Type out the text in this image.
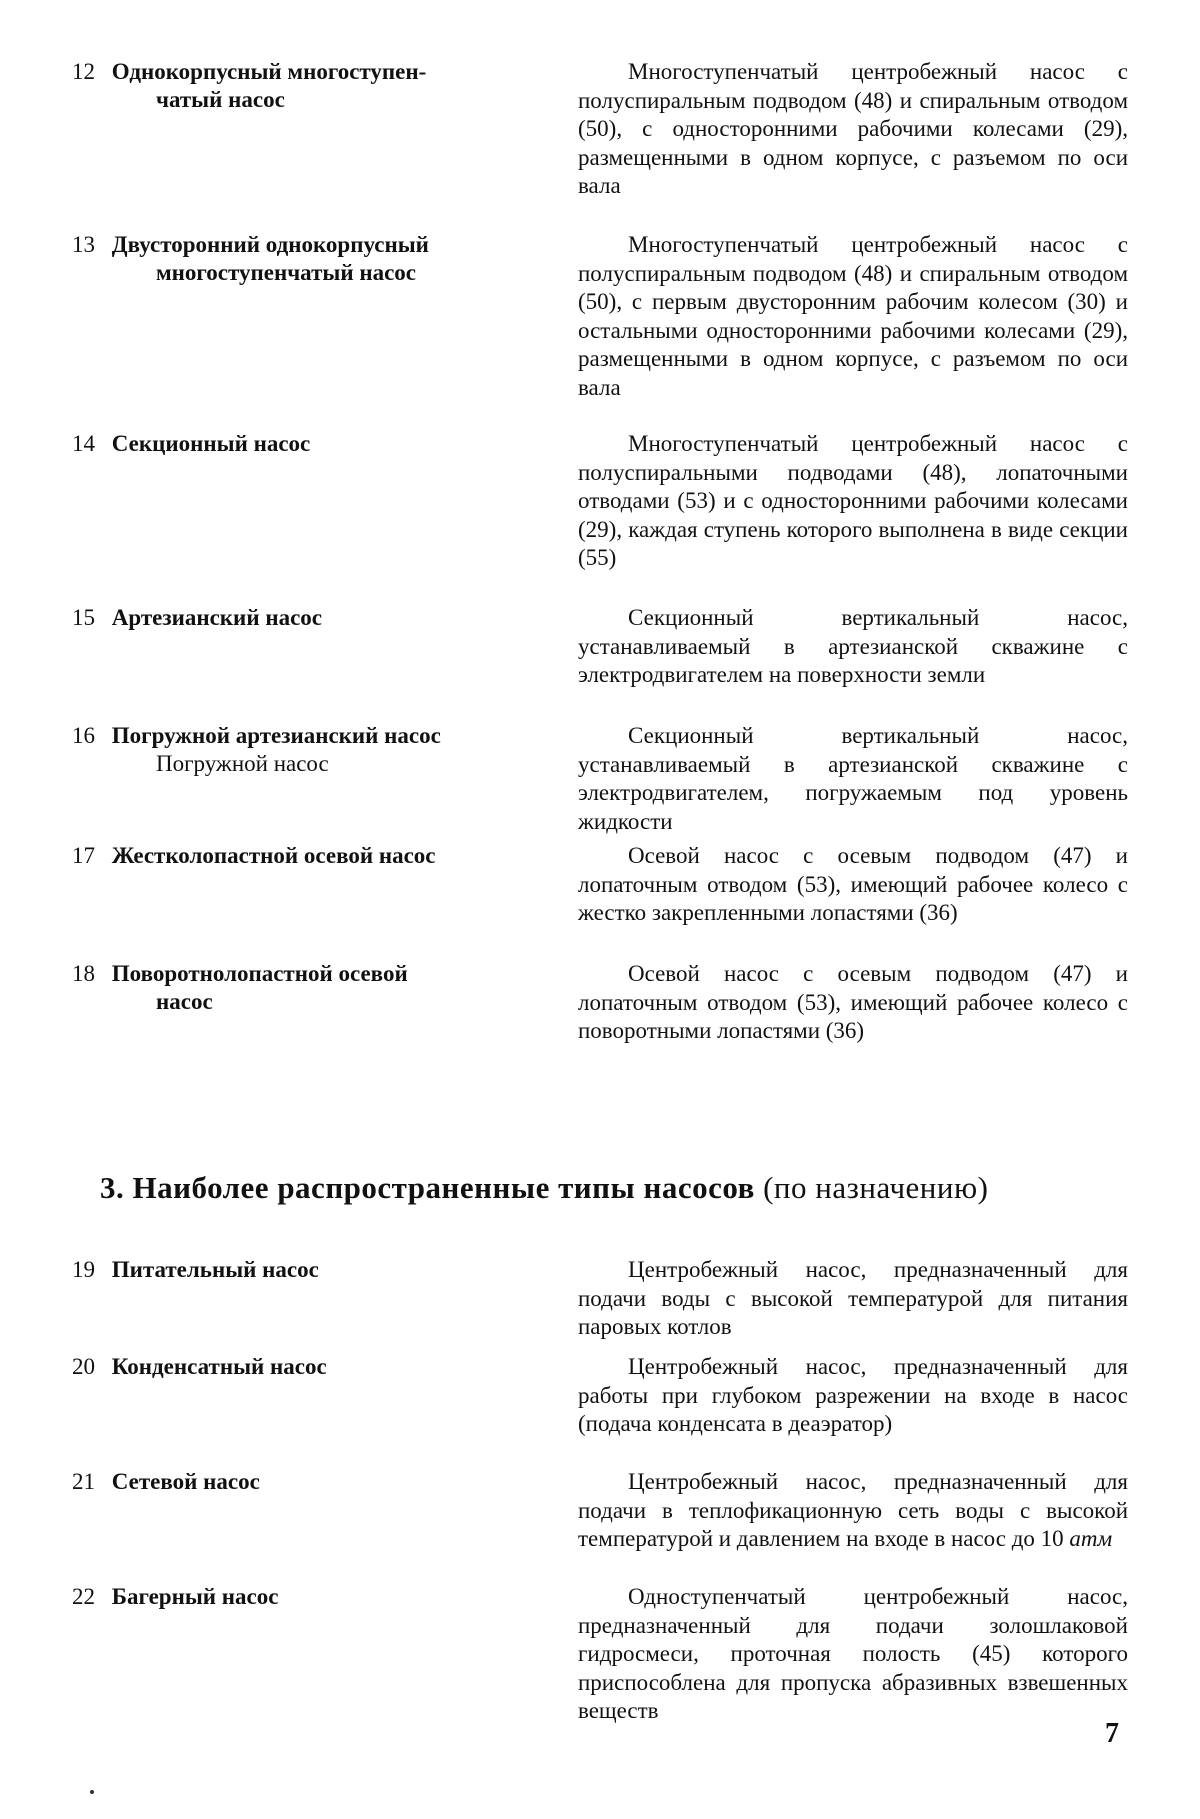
12 Однокорпусный многоступен-
чатый насос
Многоступенчатый центробежный насос с полуспиральным подводом (48) и спиральным отводом (50), с односторонними рабочими колесами (29), размещенными в одном корпусе, с разъемом по оси вала
13 Двусторонний однокорпусный
многоступенчатый насос
Многоступенчатый центробежный насос с полуспиральным подводом (48) и спиральным отводом (50), с первым двусторонним рабочим колесом (30) и остальными односторонними рабочими колесами (29), размещенными в одном корпусе, с разъемом по оси вала
14 Секционный насос	Многоступенчатый центробежный насос с полуспиральными подводами (48), лопаточными отводами (53) и с односторонними рабочими колесами (29), каждая ступень которого выполнена в виде секции (55)
15 Артезианский насос	Секционный вертикальный насос, устанавливаемый в артезианской скважине с электродвигателем на поверхности земли
16 Погружной артезианский насос
Погружной насос
Секционный вертикальный насос, устанавливаемый в артезианской скважине с электродвигателем, погружаемым под уровень жидкости
17 Жестколопастной осевой насос	Осевой насос с осевым подводом (47) и лопаточным отводом (53), имеющий рабочее колесо с жестко закрепленными лопастями (36)
18 Поворотнолопастной осевой
насос
Осевой насос с осевым подводом (47) и лопаточным отводом (53), имеющий рабочее колесо с поворотными лопастями (36)
3. Наиболее распространенные типы насосов (по назначению)
19 Питательный насос	Центробежный насос, предназначенный для подачи воды с высокой температурой для питания паровых котлов
20 Конденсатный насос	Центробежный насос, предназначенный для работы при глубоком разрежении на входе в насос (подача конденсата в деаэратор)
21 Сетевой насос	Центробежный насос, предназначенный для подачи в теплофикационную сеть воды с высокой температурой и давлением на входе в насос до 10 атм
22 Багерный насос	Одноступенчатый центробежный насос, предназначенный для подачи золошлаковой гидросмеси, проточная полость (45) которого приспособлена для пропуска абразивных взвешенных веществ
7
